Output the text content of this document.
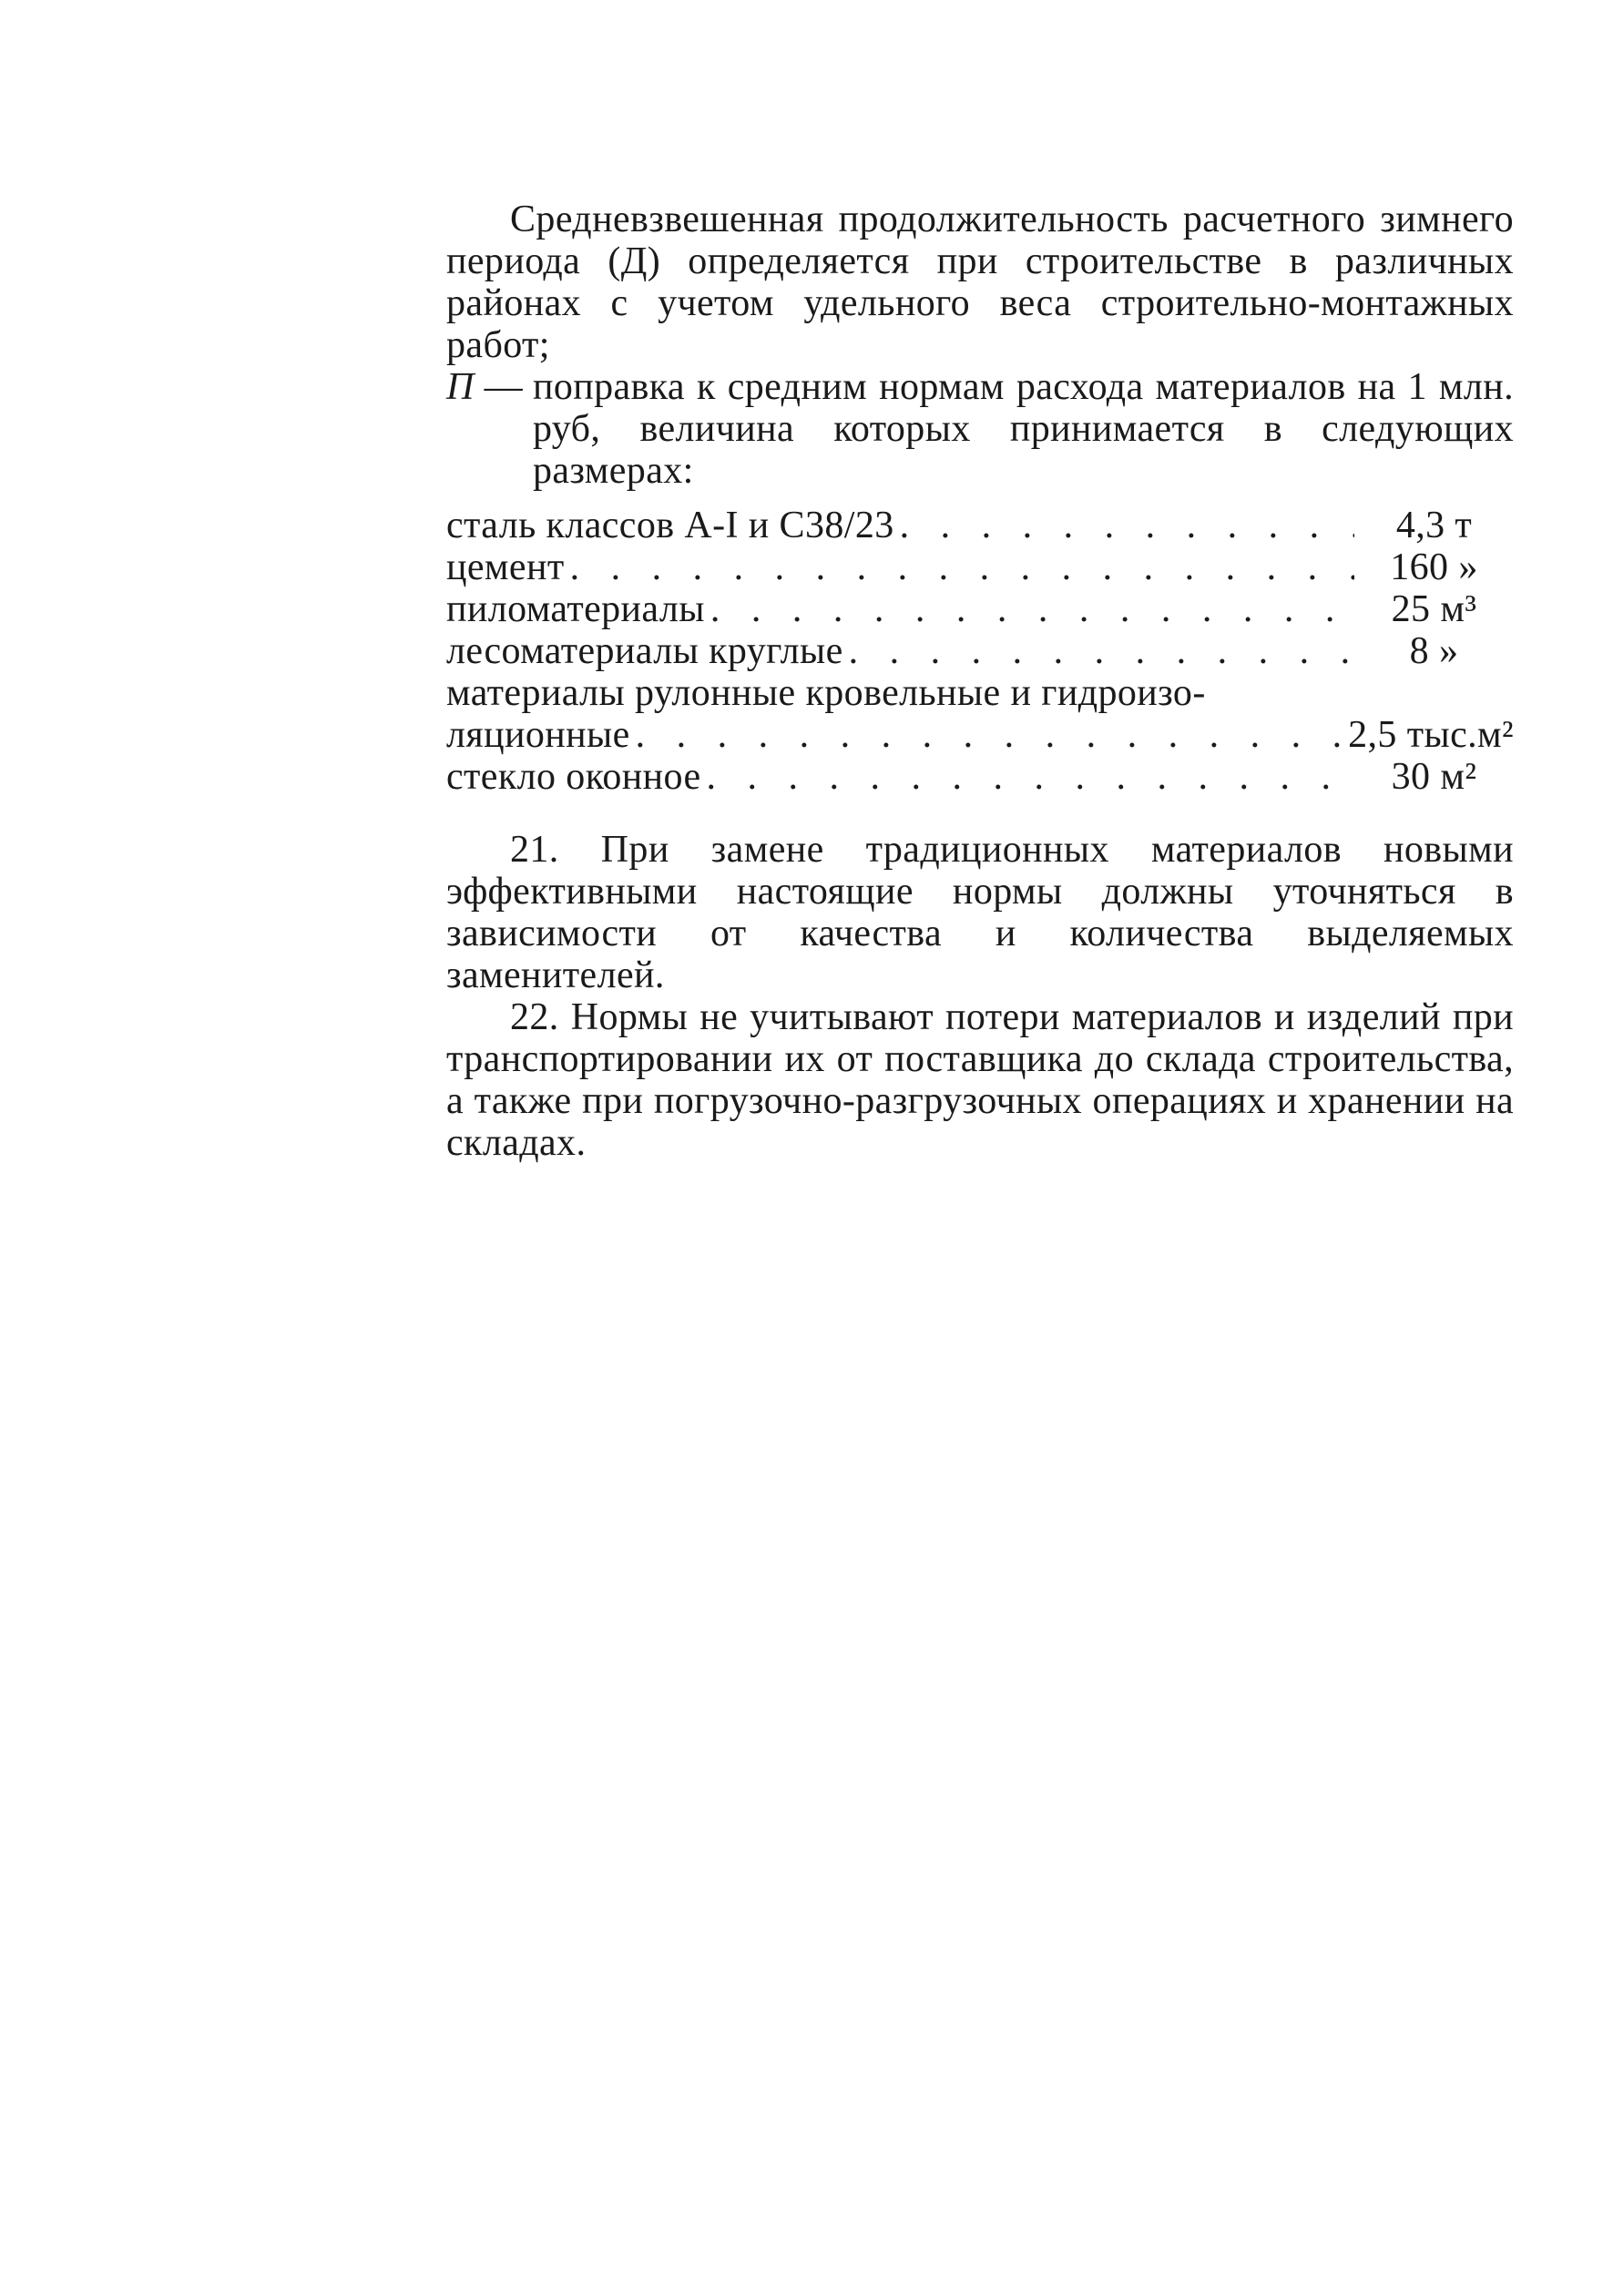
Средневзвешенная продолжительность расчетного зимнего периода (Д) определяется при строительстве в различных районах с учетом удельного веса строительно-монтажных работ;

П — поправка к средним нормам расхода материалов на 1 млн. руб, величина которых принимается в следующих размерах:
сталь классов A-I и С38/23 . . .	4,3 т
цемент . . .	160 »
пиломатериалы . . .	25 м³
лесоматериалы круглые . . .	8 »
материалы рулонные кровельные и гидроизо-
ляционные . . .	2,5 тыс.м²
стекло оконное . . .	30 м²

21. При замене традиционных материалов новыми эффективными настоящие нормы должны уточняться в зависимости от качества и количества выделяемых заменителей.

22. Нормы не учитывают потери материалов и изделий при транспортировании их от поставщика до склада строительства, а также при погрузочно-разгрузочных операциях и хранении на складах.
